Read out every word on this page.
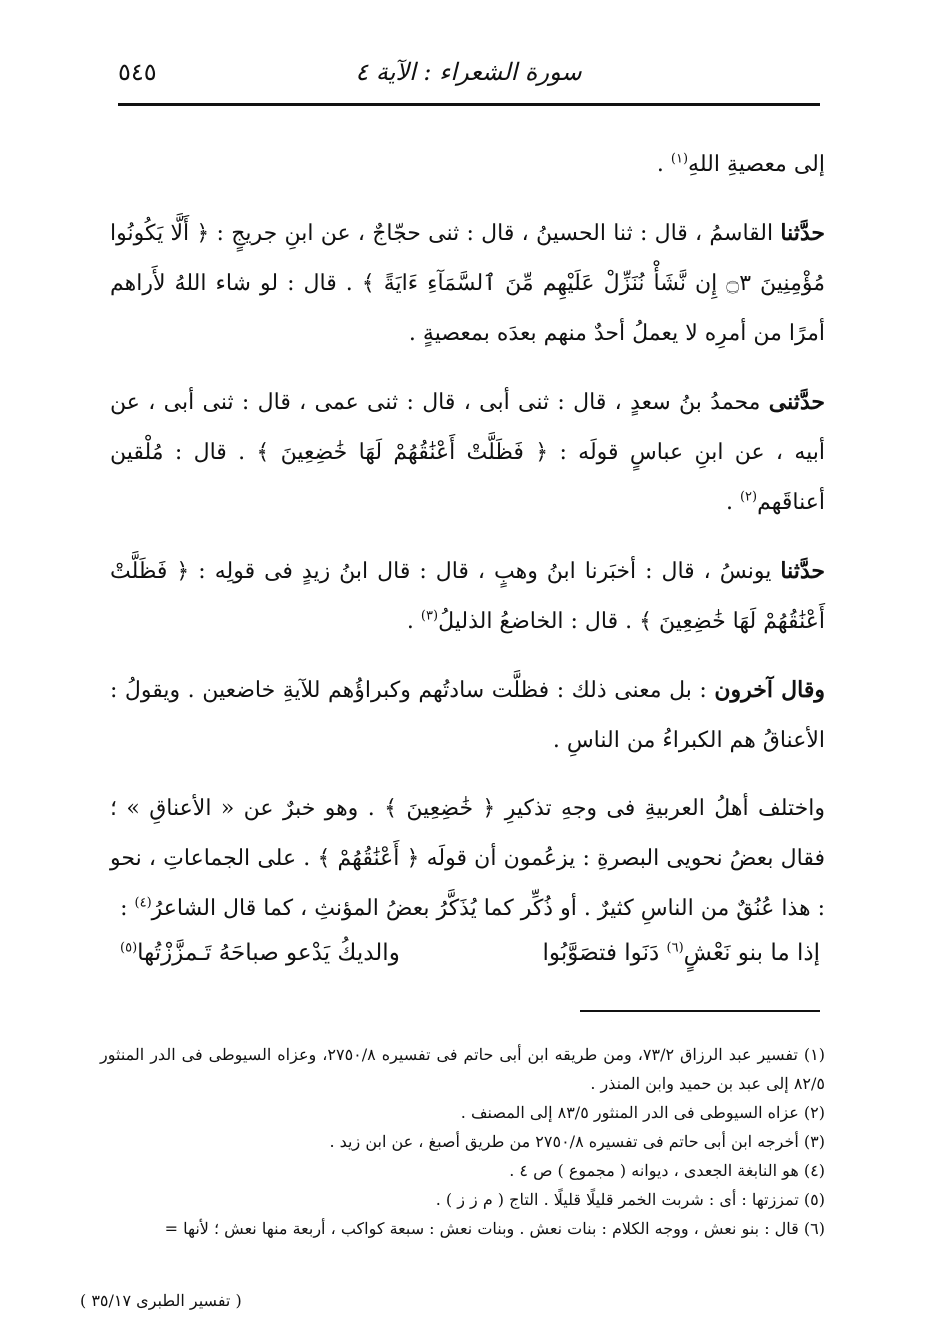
٥٤٥	سورة الشعراء : الآية ٤

إلى معصيةِ اللهِ$^{(١)}$ .

حدَّثنا القاسمُ ، قال : ثنا الحسينُ ، قال : ثنى حجّاجٌ ، عن ابنِ جريجٍ : ﴿ أَلَّا يَكُونُوا مُؤْمِنِينَ ۝٣ إِن نَّشَأْ نُنَزِّلْ عَلَيْهِم مِّنَ ٱلسَّمَآءِ ءَايَةً ﴾ . قال : لو شاء اللهُ لأَراهم أمرًا من أمرِه لا يعملُ أحدٌ منهم بعدَه بمعصيةٍ .

حدَّثنى محمدُ بنُ سعدٍ ، قال : ثنى أبى ، قال : ثنى عمى ، قال : ثنى أبى ، عن أبيه ، عن ابنِ عباسٍ قولَه : ﴿ فَظَلَّتْ أَعْنَٰقُهُمْ لَهَا خَٰضِعِينَ ﴾ . قال : مُلْقين أعناقَهم$^{(٢)}$ .

حدَّثنا يونسُ ، قال : أخبَرنا ابنُ وهبٍ ، قال : قال ابنُ زيدٍ فى قولِه : ﴿ فَظَلَّتْ أَعْنَٰقُهُمْ لَهَا خَٰضِعِينَ ﴾ . قال : الخاضعُ الذليلُ$^{(٣)}$ .

وقال آخرون : بل معنى ذلك : فظلَّت سادتُهم وكبراؤُهم للآيةِ خاضعين . ويقولُ : الأعناقُ هم الكبراءُ من الناسِ .

واختلف أهلُ العربيةِ فى وجهِ تذكيرِ ﴿ خَٰضِعِينَ ﴾ . وهو خبرٌ عن « الأعناقِ » ؛ فقال بعضُ نحويى البصرةِ : يزعُمون أن قولَه ﴿ أَعْنَٰقُهُمْ ﴾ . على الجماعاتِ ، نحو : هذا عُنُقٌ من الناسِ كثيرٌ . أو ذُكِّر كما يُذَكَّرُ بعضُ المؤنثِ ، كما قال الشاعرُ$^{(٤)}$ :

إذا ما بنو نَعْشٍ$^{(٦)}$ دَنَوا فتصَوَّبُوا
والديكُ يَدْعو صباحَهُ تَـمزَّزْتُها$^{(٥)}$

(١) تفسير عبد الرزاق ٧٣/٢، ومن طريقه ابن أبى حاتم فى تفسيره ٢٧٥٠/٨، وعزاه السيوطى فى الدر المنثور ٨٢/٥ إلى عبد بن حميد وابن المنذر .

(٢) عزاه السيوطى فى الدر المنثور ٨٣/٥ إلى المصنف .

(٣) أخرجه ابن أبى حاتم فى تفسيره ٢٧٥٠/٨ من طريق أصبغ ، عن ابن زيد .

(٤) هو النابغة الجعدى ، ديوانه ( مجموع ) ص ٤ .

(٥) تمززتها : أى : شربت الخمر قليلًا قليلًا . التاج ( م ز ز ) .

(٦) قال : بنو نعش ، ووجه الكلام : بنات نعش . وبنات نعش : سبعة كواكب ، أربعة منها نعش ؛ لأنها =

( تفسير الطبرى ٣٥/١٧ )
